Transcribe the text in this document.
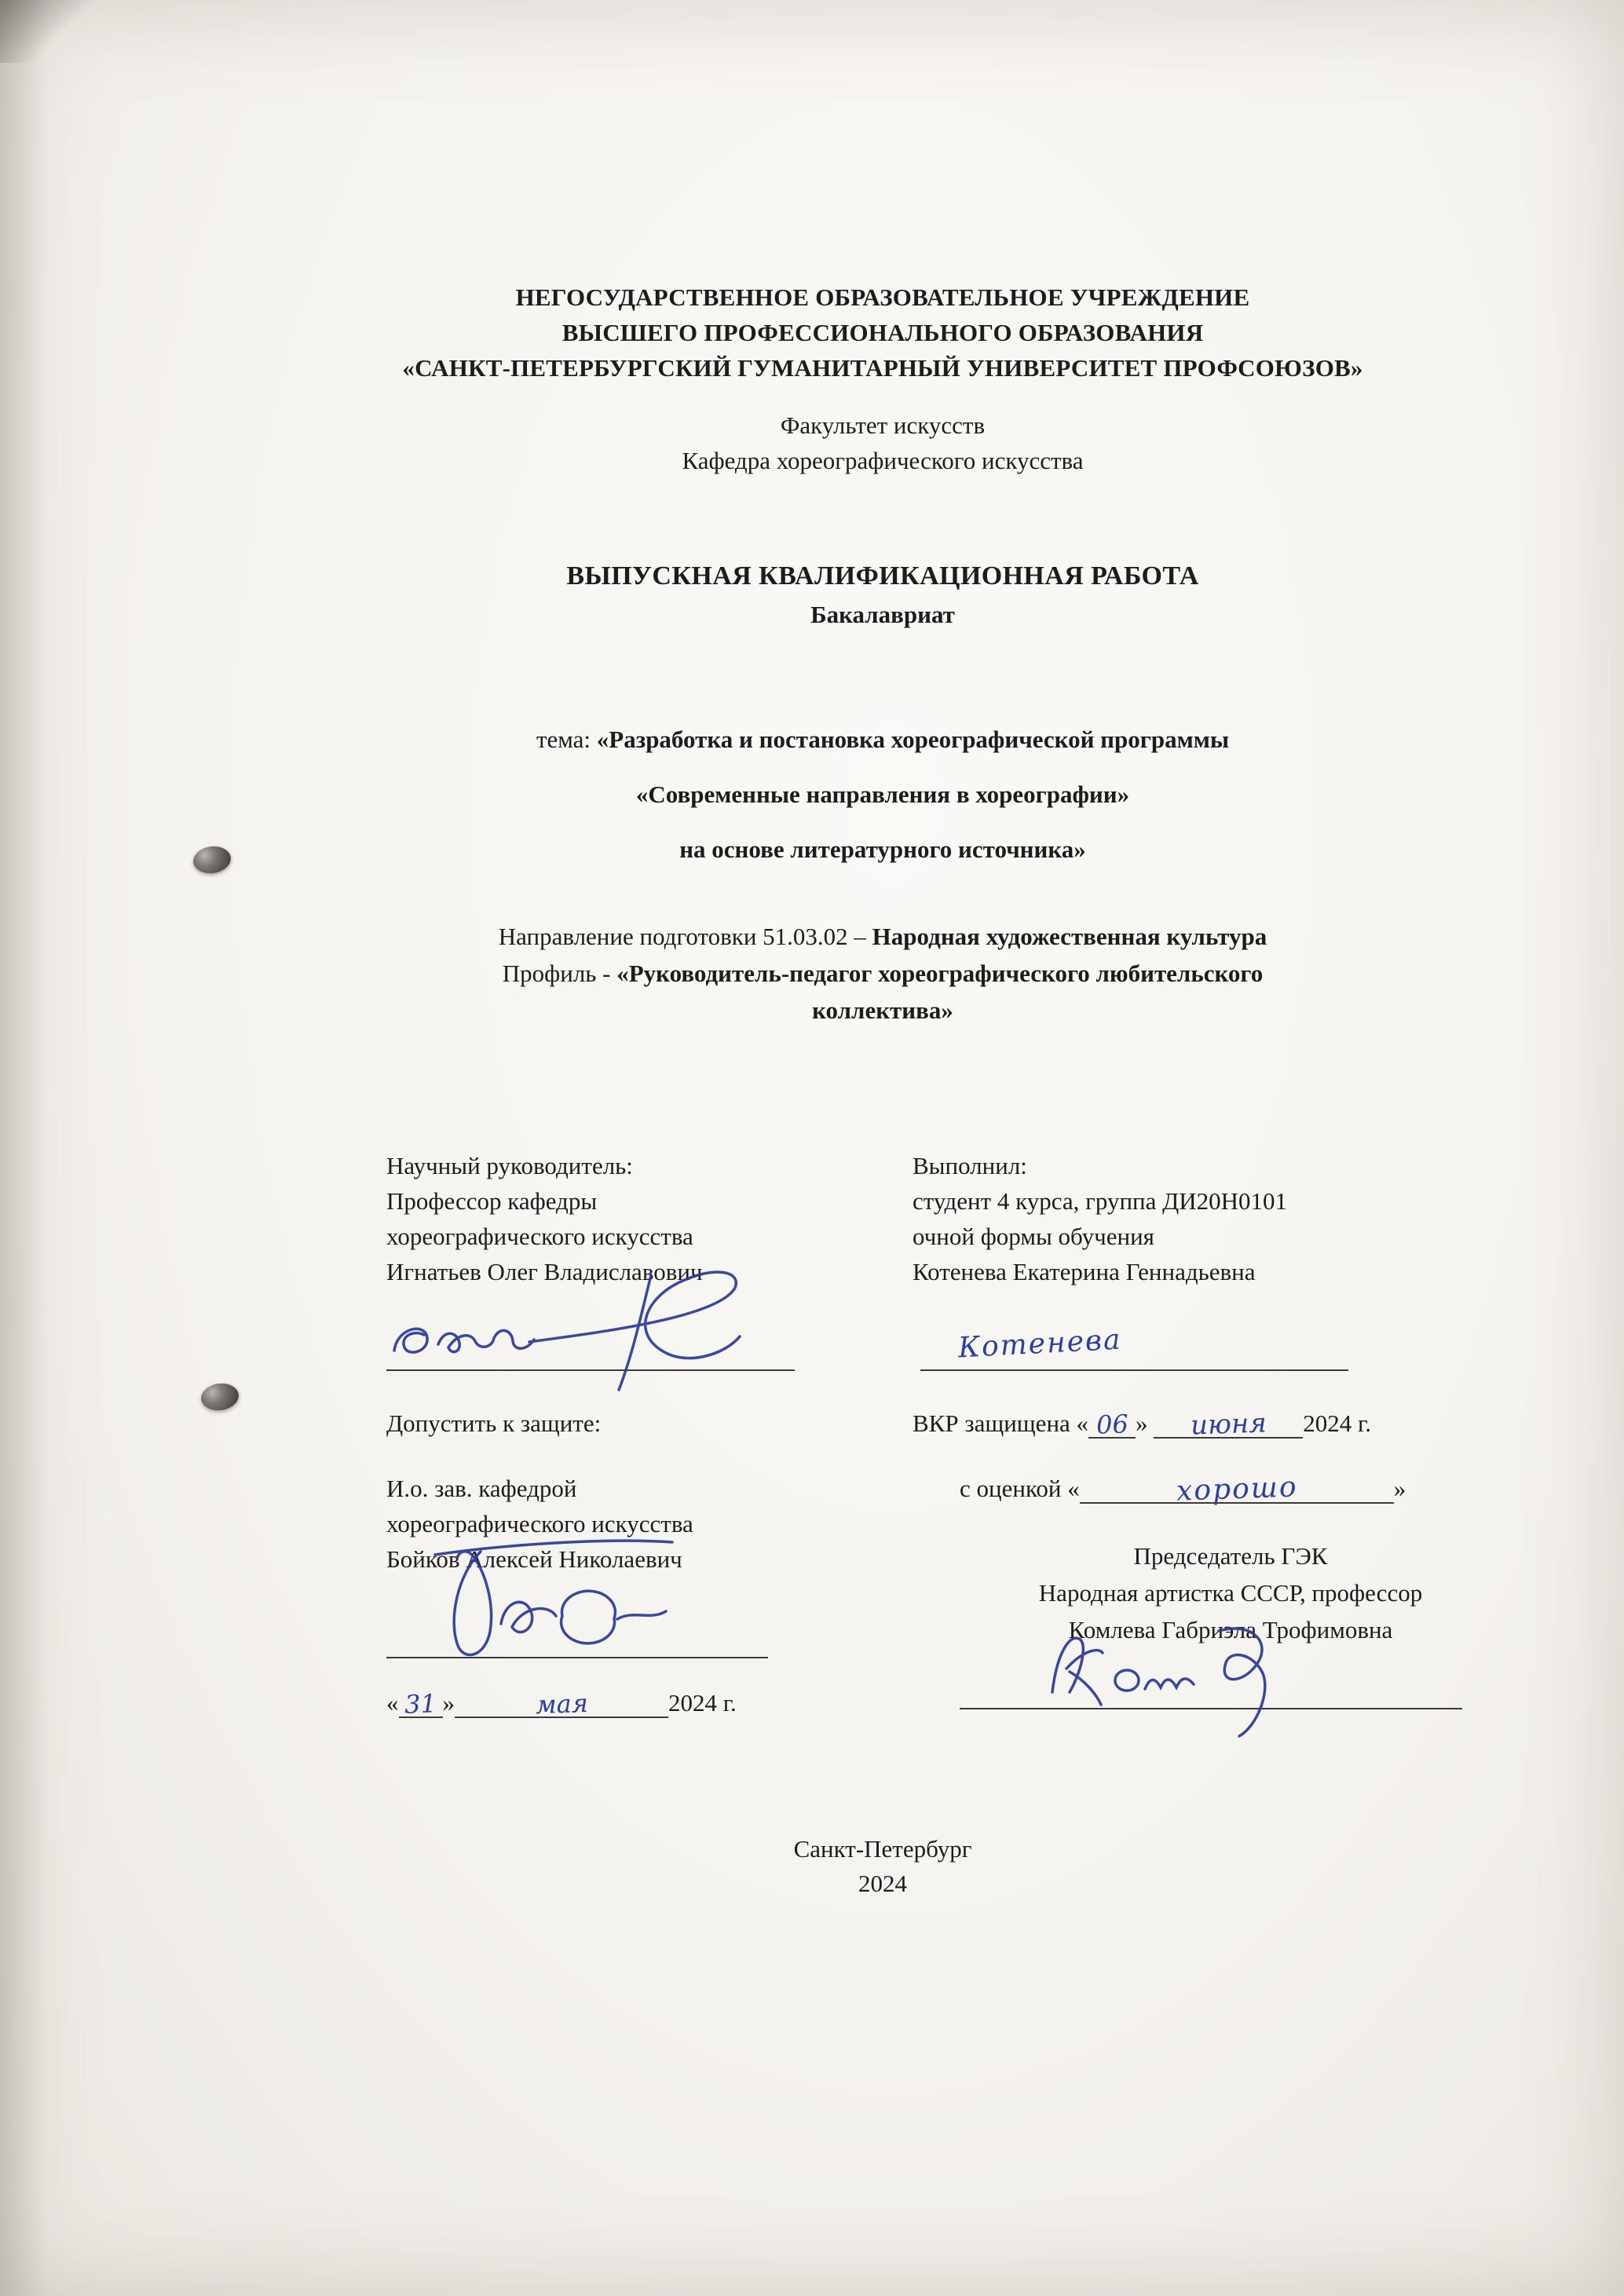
НЕГОСУДАРСТВЕННОЕ ОБРАЗОВАТЕЛЬНОЕ УЧРЕЖДЕНИЕ
ВЫСШЕГО ПРОФЕССИОНАЛЬНОГО ОБРАЗОВАНИЯ
«САНКТ-ПЕТЕРБУРГСКИЙ ГУМАНИТАРНЫЙ УНИВЕРСИТЕТ ПРОФСОЮЗОВ»
Факультет искусств
Кафедра хореографического искусства
ВЫПУСКНАЯ КВАЛИФИКАЦИОННАЯ РАБОТА
Бакалавриат
тема: «Разработка и постановка хореографической программы
«Современные направления в хореографии»
на основе литературного источника»
Направление подготовки 51.03.02 – Народная художественная культура
Профиль - «Руководитель-педагог хореографического любительского
коллектива»
Научный руководитель:
Профессор кафедры
хореографического искусства
Игнатьев Олег Владиславович
Выполнил:
студент 4 курса, группа ДИ20Н0101
очной формы обучения
Котенева Екатерина Геннадьевна
Котенева
Допустить к защите:
И.о. зав. кафедрой
хореографического искусства
Бойков Алексей Николаевич
« 31 »	мая	2024 г.
ВКР защищена « 06 » июня 2024 г.
с оценкой «	хорошо	»
Председатель ГЭК
Народная артистка СССР, профессор
Комлева Габриэла Трофимовна
Санкт-Петербург
2024
